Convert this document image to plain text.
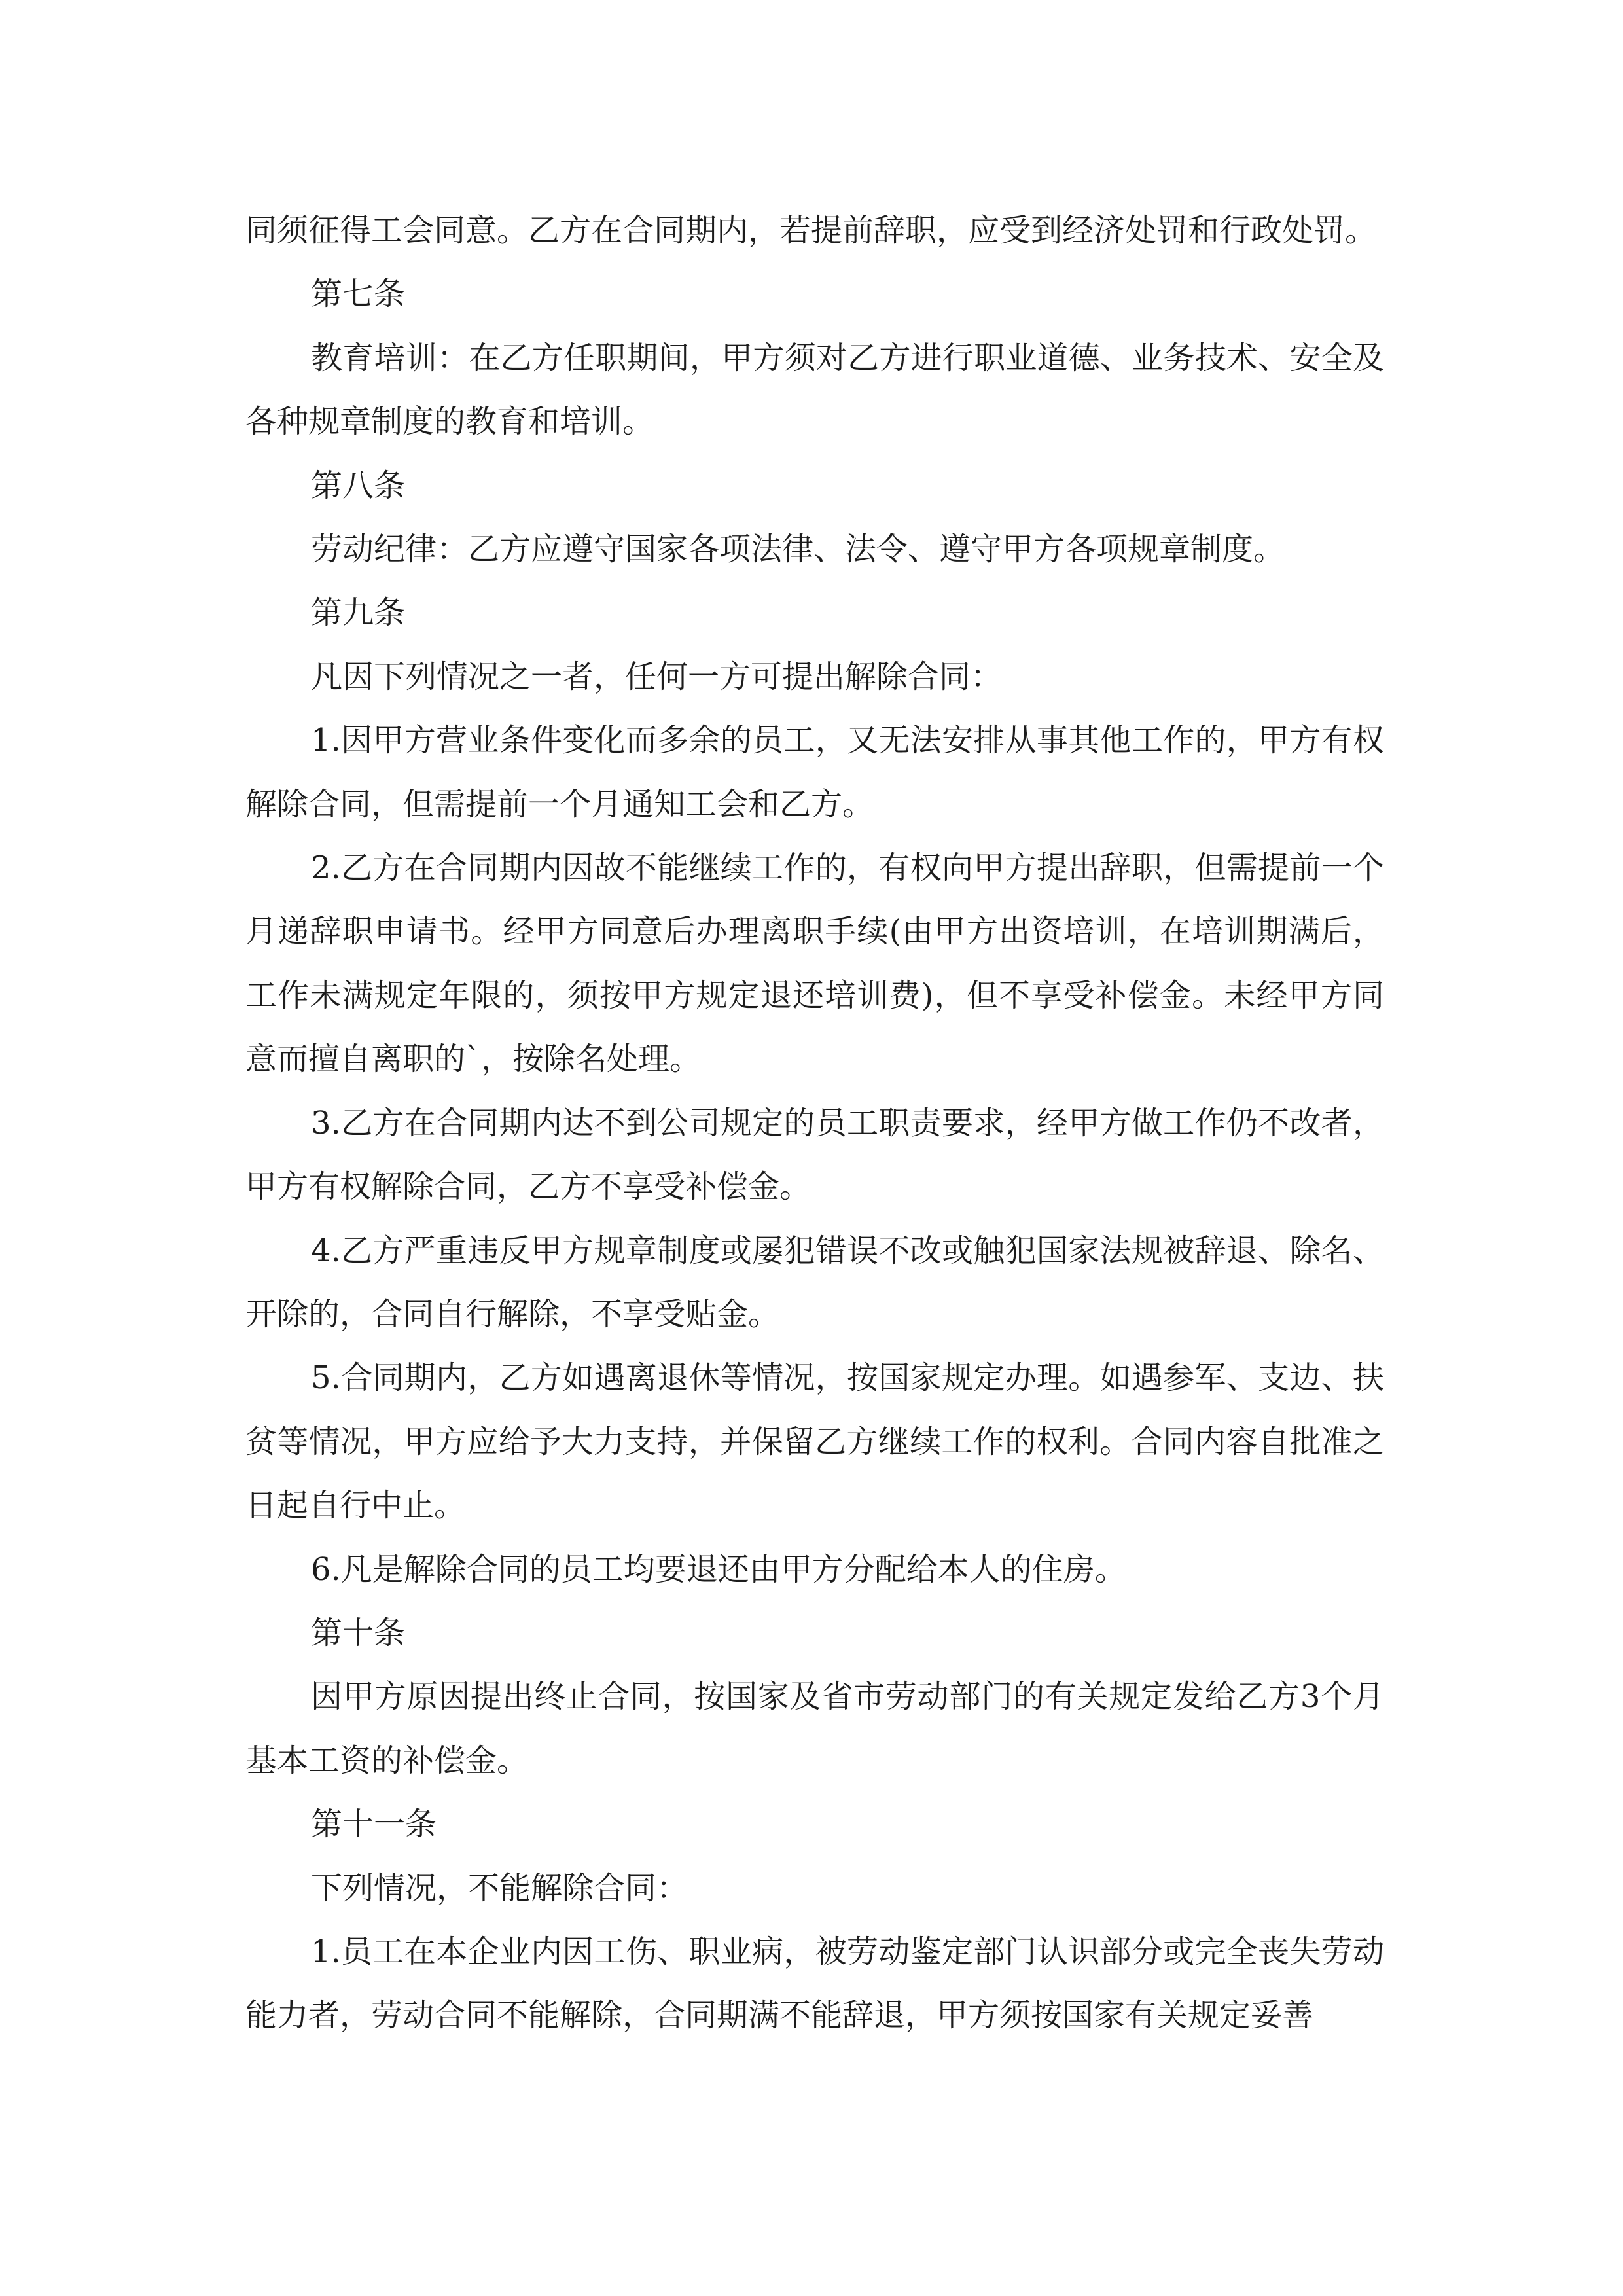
同须征得工会同意。乙方在合同期内，若提前辞职，应受到经济处罚和行政处罚。

第七条

教育培训：在乙方任职期间，甲方须对乙方进行职业道德、业务技术、安全及各种规章制度的教育和培训。

第八条

劳动纪律：乙方应遵守国家各项法律、法令、遵守甲方各项规章制度。

第九条

凡因下列情况之一者，任何一方可提出解除合同：

1.因甲方营业条件变化而多余的员工，又无法安排从事其他工作的，甲方有权解除合同，但需提前一个月通知工会和乙方。

2.乙方在合同期内因故不能继续工作的，有权向甲方提出辞职，但需提前一个月递辞职申请书。经甲方同意后办理离职手续(由甲方出资培训，在培训期满后，工作未满规定年限的，须按甲方规定退还培训费)，但不享受补偿金。未经甲方同意而擅自离职的`，按除名处理。

3.乙方在合同期内达不到公司规定的员工职责要求，经甲方做工作仍不改者，甲方有权解除合同，乙方不享受补偿金。

4.乙方严重违反甲方规章制度或屡犯错误不改或触犯国家法规被辞退、除名、开除的，合同自行解除，不享受贴金。

5.合同期内，乙方如遇离退休等情况，按国家规定办理。如遇参军、支边、扶贫等情况，甲方应给予大力支持，并保留乙方继续工作的权利。合同内容自批准之日起自行中止。

6.凡是解除合同的员工均要退还由甲方分配给本人的住房。

第十条

因甲方原因提出终止合同，按国家及省市劳动部门的有关规定发给乙方3个月基本工资的补偿金。

第十一条

下列情况，不能解除合同：

1.员工在本企业内因工伤、职业病，被劳动鉴定部门认识部分或完全丧失劳动能力者，劳动合同不能解除，合同期满不能辞退，甲方须按国家有关规定妥善
